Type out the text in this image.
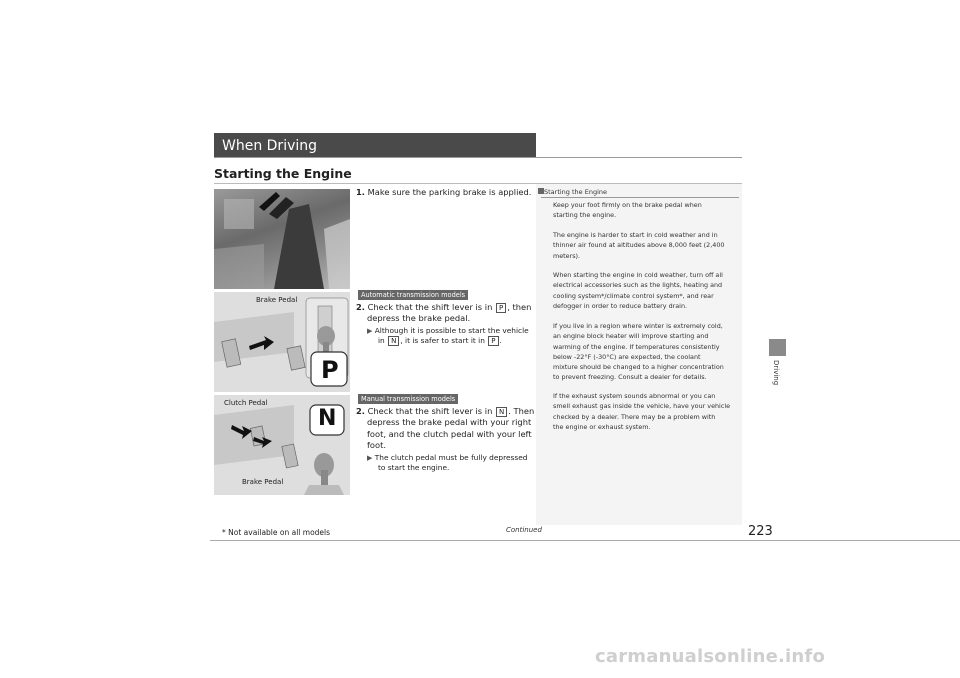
When Driving
Starting the Engine
Driving
Brake Pedal
P
Clutch Pedal
Brake Pedal
N
1. Make sure the parking brake is applied.
Automatic transmission models
2. Check that the shift lever is in P , then
depress the brake pedal.
▶ Although it is possible to start the vehicle
in N , it is safer to start it in P .
Manual transmission models
2. Check that the shift lever is in N . Then
depress the brake pedal with your right
foot, and the clutch pedal with your left
foot.
▶ The clutch pedal must be fully depressed
to start the engine.
Starting the Engine
Keep your foot firmly on the brake pedal when
starting the engine.
The engine is harder to start in cold weather and in
thinner air found at altitudes above 8,000 feet (2,400
meters).
When starting the engine in cold weather, turn off all
electrical accessories such as the lights, heating and
cooling system*/climate control system*, and rear
defogger in order to reduce battery drain.
If you live in a region where winter is extremely cold,
an engine block heater will improve starting and
warming of the engine. If temperatures consistently
below -22°F (-30°C) are expected, the coolant
mixture should be changed to a higher concentration
to prevent freezing. Consult a dealer for details.
If the exhaust system sounds abnormal or you can
smell exhaust gas inside the vehicle, have your vehicle
checked by a dealer. There may be a problem with
the engine or exhaust system.
223
Continued
* Not available on all models
carmanualsonline.info
